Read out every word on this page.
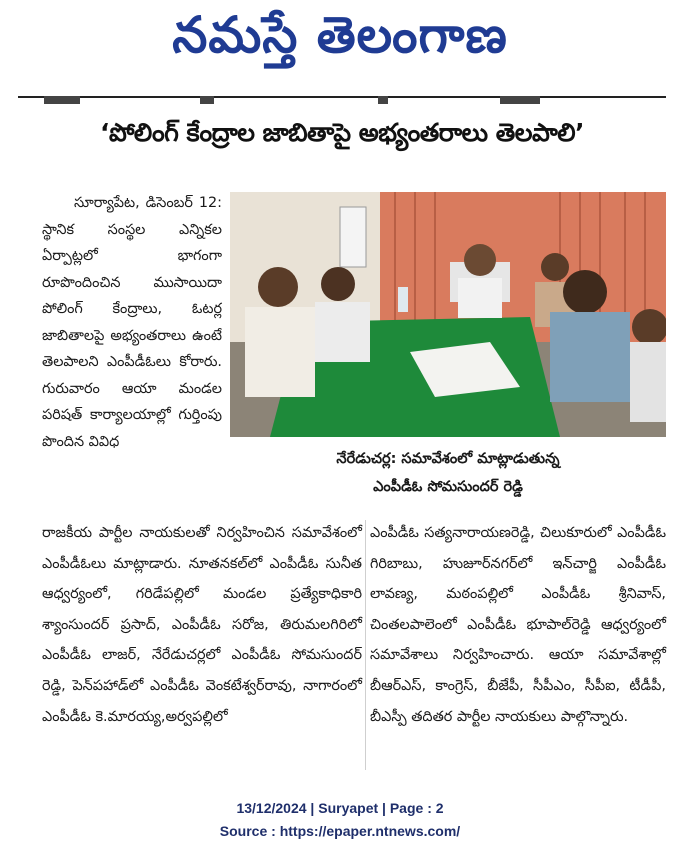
నమస్తే తెలంగాణ
‘పోలింగ్ కేంద్రాల జాబితాపై అభ్యంతరాలు తెలపాలి’

సూర్యాపేట, డిసెంబర్ 12: స్థానిక సంస్థల ఎన్నికల ఏర్పాట్లలో భాగంగా రూపొందించిన ముసాయిదా పోలింగ్ కేంద్రాలు, ఓటర్ల జాబితాలపై అభ్యంతరాలు ఉంటే తెలపాలని ఎంపీడీఓలు కోరారు. గురువారం ఆయా మండల పరిషత్ కార్యాలయాల్లో గుర్తింపు పొందిన వివిధ

నేరేడుచర్ల: సమావేశంలో మాట్లాడుతున్న
ఎంపీడీఓ సోమసుందర్ రెడ్డి

రాజకీయ పార్టీల నాయకులతో నిర్వహించిన సమావేశంలో ఎంపీడీఓలు మాట్లాడారు. నూతనకల్‌లో ఎంపీడీఓ సునీత ఆధ్వర్యంలో, గరిడేపల్లిలో మండల ప్రత్యేకాధికారి శ్యాంసుందర్ ప్రసాద్, ఎంపీడీఓ సరోజ, తిరుమలగిరిలో ఎంపీడీఓ లాజర్, నేరేడుచర్లలో ఎంపీడీఓ సోమసుందర్ రెడ్డి, పెన్‌పహాడ్‌లో ఎంపీడీఓ వెంకటేశ్వర్‌రావు, నాగారంలో ఎంపీడీఓ కె.మారయ్య,అర్వపల్లిలో

ఎంపీడీఓ సత్యనారాయణరెడ్డి, చిలుకూరులో ఎంపీడీఓ గిరిబాబు, హుజూర్‌నగర్‌లో ఇన్‌చార్జి ఎంపీడీఓ లావణ్య, మఠంపల్లిలో ఎంపీడీఓ శ్రీనివాస్, చింతలపాలెంలో ఎంపీడీఓ భూపాల్‌రెడ్డి ఆధ్వర్యంలో సమావేశాలు నిర్వహించారు. ఆయా సమావేశాల్లో బీఆర్‌ఎస్, కాంగ్రెస్, బీజేపీ, సీపీఎం, సీపీఐ, టీడీపీ, బీఎస్పీ తదితర పార్టీల నాయకులు పాల్గొన్నారు.

13/12/2024 | Suryapet | Page : 2
Source : https://epaper.ntnews.com/
